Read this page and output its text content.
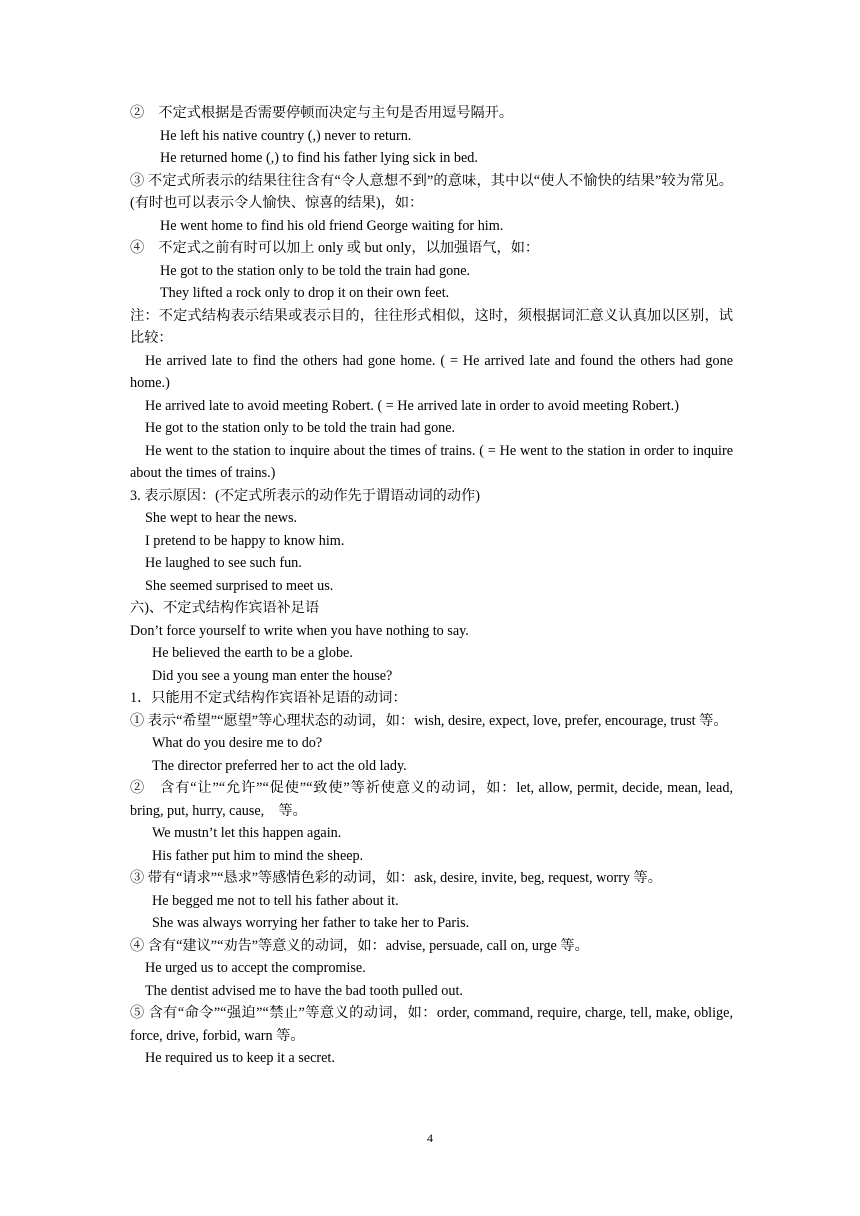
②　不定式根据是否需要停顿而决定与主句是否用逗号隔开。
He left his native country (,) never to return.
He returned home (,) to find his father lying sick in bed.
③ 不定式所表示的结果往往含有“令人意想不到”的意味，其中以“使人不愉快的结果”较为常见。(有时也可以表示令人愉快、惊喜的结果)，如：
He went home to find his old friend George waiting for him.
④　不定式之前有时可以加上 only 或 but only，以加强语气，如：
He got to the station only to be told the train had gone.
They lifted a rock only to drop it on their own feet.
注：不定式结构表示结果或表示目的，往往形式相似，这时，须根据词汇意义认真加以区别，试比较：
He arrived late to find the others had gone home. ( = He arrived late and found the others had gone home.)
He arrived late to avoid meeting Robert. ( = He arrived late in order to avoid meeting Robert.)
He got to the station only to be told the train had gone.
He went to the station to inquire about the times of trains. ( = He went to the station in order to inquire about the times of trains.)
3. 表示原因：(不定式所表示的动作先于谓语动词的动作)
She wept to hear the news.
I pretend to be happy to know him.
He laughed to see such fun.
She seemed surprised to meet us.
六)、不定式结构作宾语补足语
Don’t force yourself to write when you have nothing to say.
He believed the earth to be a globe.
Did you see a young man enter the house?
1．只能用不定式结构作宾语补足语的动词：
① 表示“希望”“愿望”等心理状态的动词，如：wish, desire, expect, love, prefer, encourage, trust 等。
What do you desire me to do?
The director preferred her to act the old lady.
②　含有“让”“允许”“促使”“致使”等祈使意义的动词，如：let, allow, permit, decide, mean, lead, bring, put, hurry, cause,　等。
We mustn’t let this happen again.
His father put him to mind the sheep.
③ 带有“请求”“恳求”等感情色彩的动词，如：ask, desire, invite, beg, request, worry 等。
He begged me not to tell his father about it.
She was always worrying her father to take her to Paris.
④ 含有“建议”“劝告”等意义的动词，如：advise, persuade, call on, urge 等。
He urged us to accept the compromise.
The dentist advised me to have the bad tooth pulled out.
⑤ 含有“命令”“强迫”“禁止”等意义的动词，如：order, command, require, charge, tell, make, oblige, force, drive, forbid, warn 等。
He required us to keep it a secret.
4
